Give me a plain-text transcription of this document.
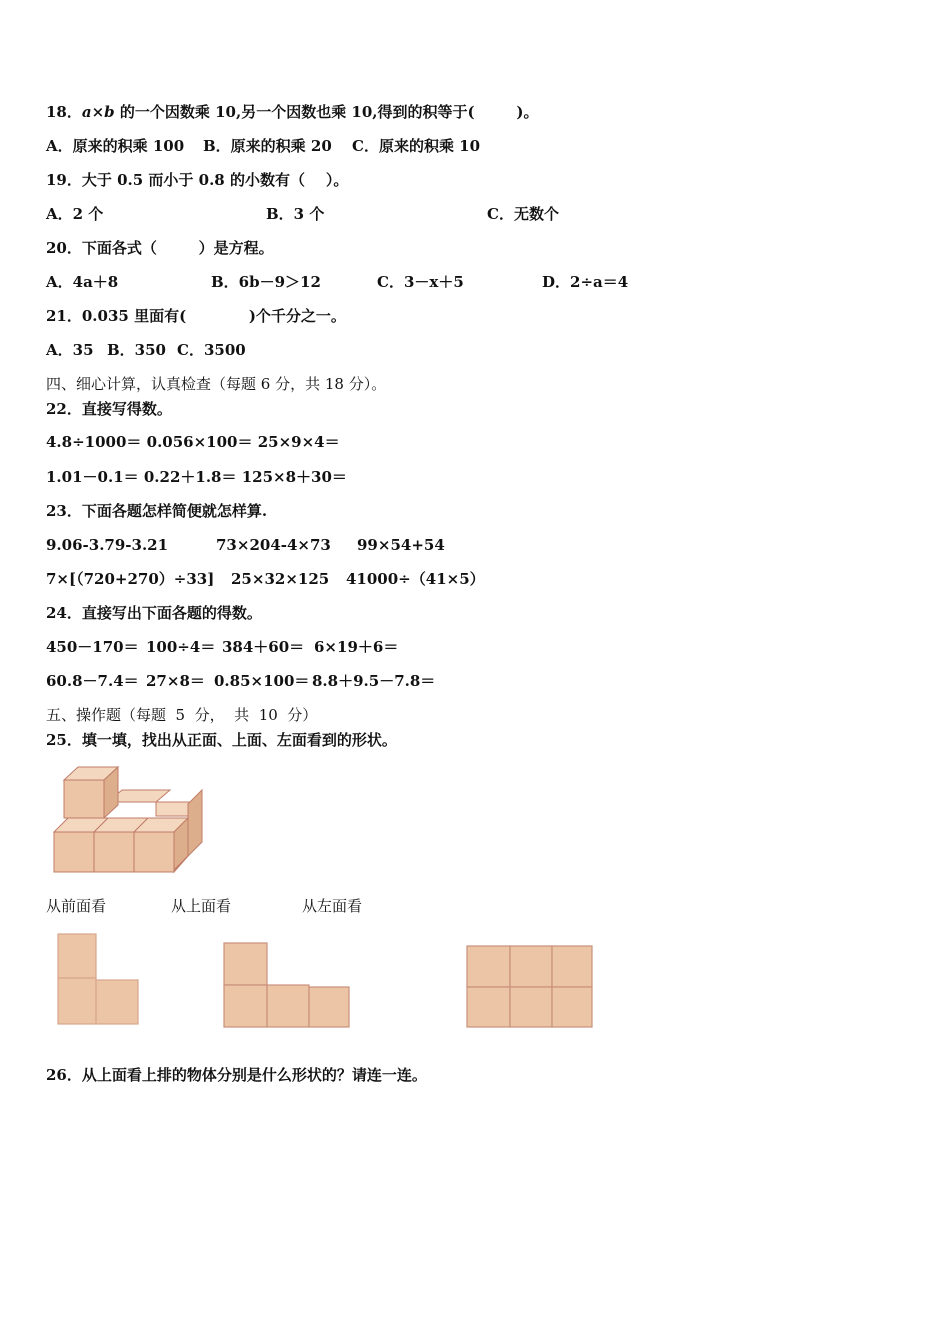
18．a×b 的一个因数乘 10,另一个因数也乘 10,得到的积等于(        )。
A．原来的积乘 100 B．原来的积乘 20 C．原来的积乘 10
19．大于 0.5 而小于 0.8 的小数有（    ）。
A．2 个	B．3 个	C．无数个
20．下面各式（        ）是方程。
A．4a＋8	B．6b－9＞12	C．3－x＋5	D．2÷a＝4
21．0.035 里面有(            )个千分之一。
A．35 B．350 C．3500
四、细心计算，认真检查（每题 6 分，共 18 分）。
22．直接写得数。
4.8÷1000＝ 0.056×100＝ 25×9×4＝
1.01－0.1＝ 0.22＋1.8＝ 125×8＋30＝
23．下面各题怎样简便就怎样算.
9.06-3.79-3.21	73×204-4×73 99×54+54
7×[（720+270）÷33] 25×32×125 41000÷（41×5）
24．直接写出下面各题的得数。
450－170＝ 100÷4＝ 384＋60＝ 6×19＋6＝
60.8－7.4＝ 27×8＝ 0.85×100＝ 8.8＋9.5－7.8＝
五、操作题（每题  5  分，  共  10  分）
25．填一填，找出从正面、上面、左面看到的形状。
从前面看	从上面看	从左面看
26．从上面看上排的物体分别是什么形状的？请连一连。
